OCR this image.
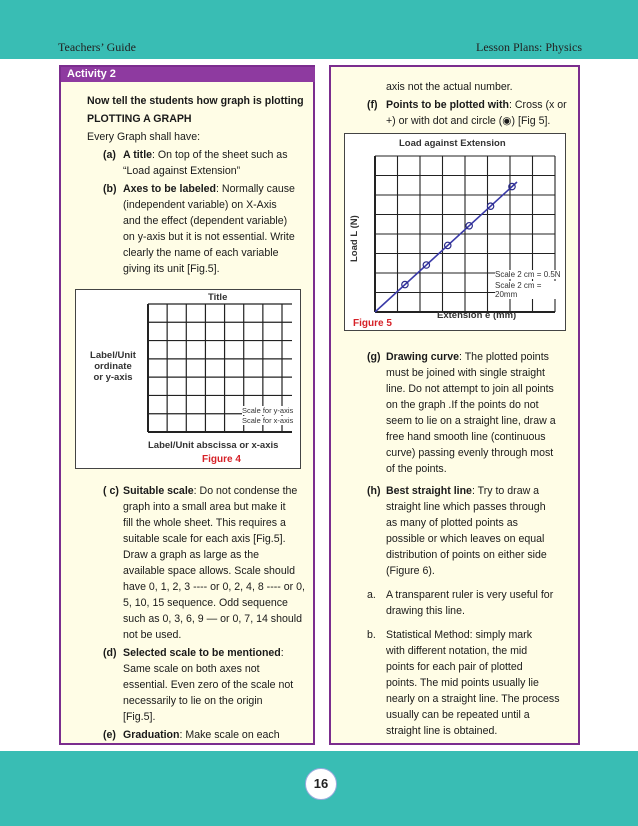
Teachers’ Guide	Lesson Plans: Physics
Activity 2
Now tell the students how graph is plotting
PLOTTING A GRAPH
Every Graph shall have:
(a) A title: On top of the sheet such as
“Load against Extension”
(b) Axes to be labeled: Normally cause
(independent variable) on X-Axis
and the effect (dependent variable)
on y-axis but it is not essential. Write
clearly the name of each variable
giving its unit [Fig.5].
Title
Label/Unit
ordinate
or y-axis
Scale for y-axis
Scale for x-axis
Label/Unit abscissa or x-axis
Figure 4
( c) Suitable scale: Do not condense the
graph into a small area but make it
fill the whole sheet. This requires a
suitable scale for each axis [Fig.5].
Draw a graph as large as the
available space allows. Scale should
have 0, 1, 2, 3 ---- or 0, 2, 4, 8 ---- or 0,
5, 10, 15 sequence. Odd sequence
such as 0, 3, 6, 9 — or 0, 7, 14 should
not be used.
(d) Selected scale to be mentioned:
Same scale on both axes not
essential. Even zero of the scale not
necessarily to lie on the origin
[Fig.5].
(e) Graduation: Make scale on each
axis not the actual number.
(f) Points to be plotted with: Cross (x or
+) or with dot and circle (◉) [Fig 5].
Load against Extension
Load L (N)
Scale 2 cm = 0.5N
Scale 2 cm = 20mm
Extension e (mm)
Figure 5
(g) Drawing curve: The plotted points
must be joined with single straight
line. Do not attempt to join all points
on the graph .If the points do not
seem to lie on a straight line, draw a
free hand smooth line (continuous
curve) passing evenly through most
of the points.
(h) Best straight line: Try to draw a
straight line which passes through
as many of plotted points as
possible or which leaves on equal
distribution of points on either side
(Figure 6).
a. A transparent ruler is very useful for
drawing this line.
b. Statistical Method: simply mark
with different notation, the mid
points for each pair of plotted
points. The mid points usually lie
nearly on a straight line. The process
usually can be repeated until a
straight line is obtained.
16
